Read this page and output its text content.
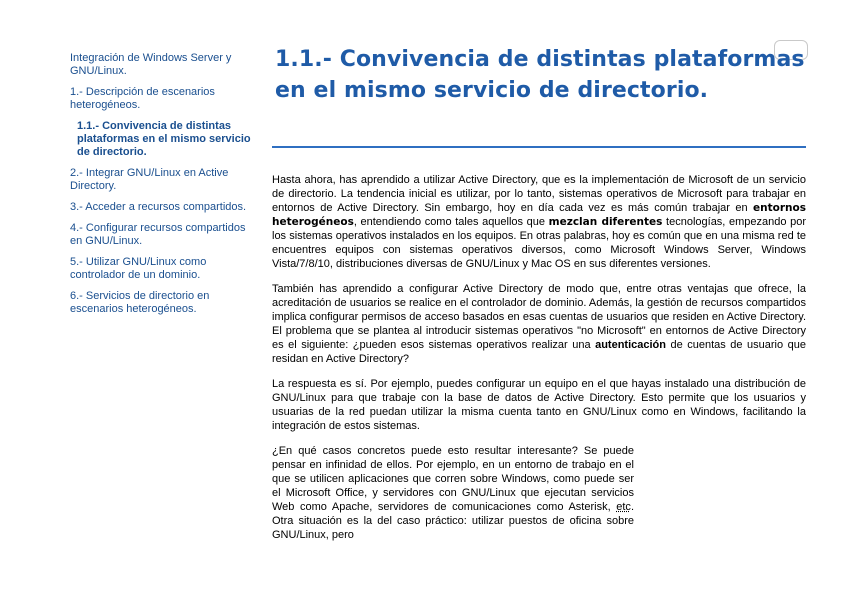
Integración de Windows Server y GNU/Linux.
1.- Descripción de escenarios heterogéneos.
1.1.- Convivencia de distintas plataformas en el mismo servicio de directorio.
2.- Integrar GNU/Linux en Active Directory.
3.- Acceder a recursos compartidos.
4.- Configurar recursos compartidos en GNU/Linux.
5.- Utilizar GNU/Linux como controlador de un dominio.
6.- Servicios de directorio en escenarios heterogéneos.
1.1.- Convivencia de distintas plataformas en el mismo servicio de directorio.

Hasta ahora, has aprendido a utilizar Active Directory, que es la implementación de Microsoft de un servicio de directorio. La tendencia inicial es utilizar, por lo tanto, sistemas operativos de Microsoft para trabajar en entornos de Active Directory. Sin embargo, hoy en día cada vez es más común trabajar en entornos heterogéneos, entendiendo como tales aquellos que mezclan diferentes tecnologías, empezando por los sistemas operativos instalados en los equipos. En otras palabras, hoy es común que en una misma red te encuentres equipos con sistemas operativos diversos, como Microsoft Windows Server, Windows Vista/7/8/10, distribuciones diversas de GNU/Linux y Mac OS en sus diferentes versiones.

También has aprendido a configurar Active Directory de modo que, entre otras ventajas que ofrece, la acreditación de usuarios se realice en el controlador de dominio. Además, la gestión de recursos compartidos implica configurar permisos de acceso basados en esas cuentas de usuarios que residen en Active Directory. El problema que se plantea al introducir sistemas operativos "no Microsoft" en entornos de Active Directory es el siguiente: ¿pueden esos sistemas operativos realizar una autenticación de cuentas de usuario que residan en Active Directory?

La respuesta es sí. Por ejemplo, puedes configurar un equipo en el que hayas instalado una distribución de GNU/Linux para que trabaje con la base de datos de Active Directory. Esto permite que los usuarios y usuarias de la red puedan utilizar la misma cuenta tanto en GNU/Linux como en Windows, facilitando la integración de estos sistemas.

¿En qué casos concretos puede esto resultar interesante? Se puede pensar en infinidad de ellos. Por ejemplo, en un entorno de trabajo en el que se utilicen aplicaciones que corren sobre Windows, como puede ser el Microsoft Office, y servidores con GNU/Linux que ejecutan servicios Web como Apache, servidores de comunicaciones como Asterisk, etc. Otra situación es la del caso práctico: utilizar puestos de oficina sobre GNU/Linux, pero
